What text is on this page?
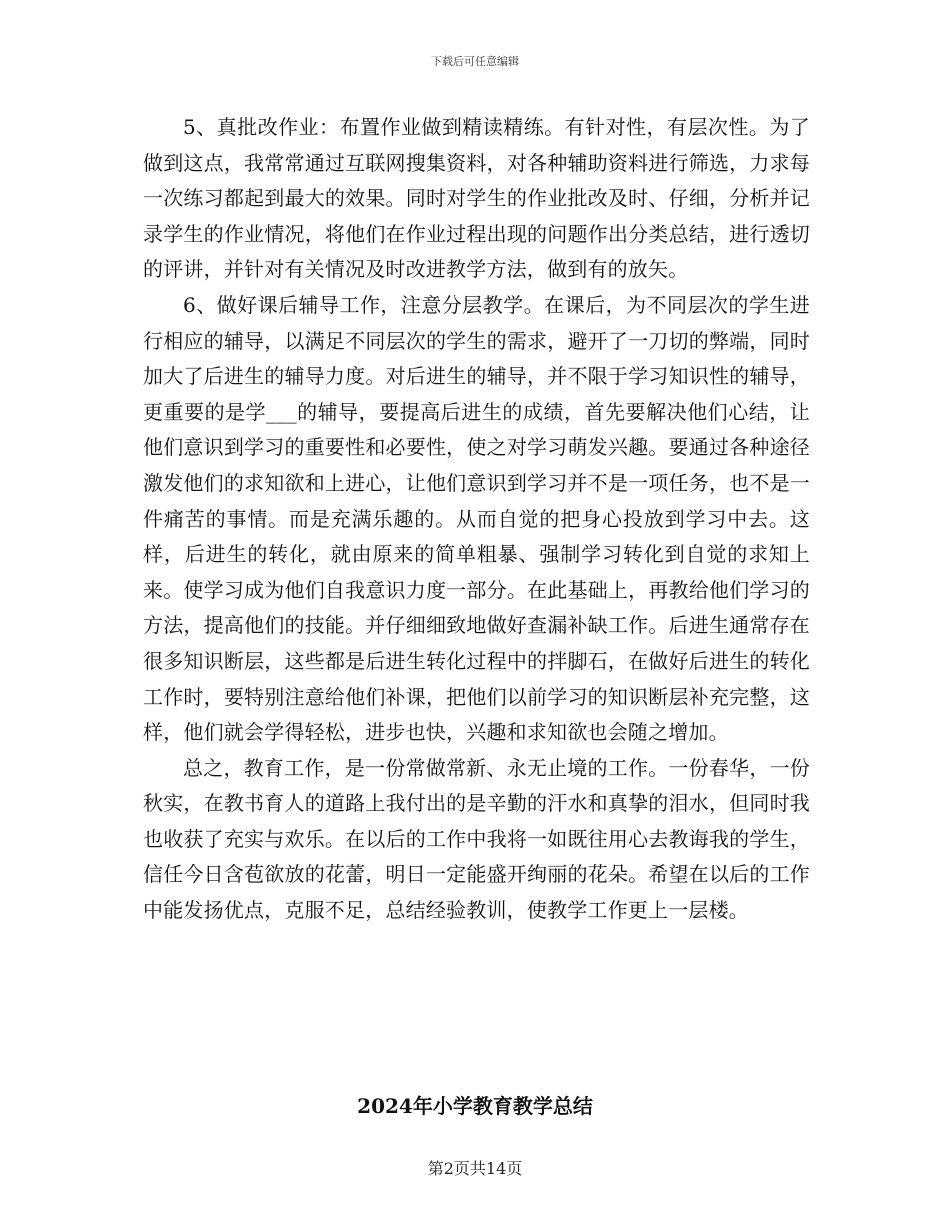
下载后可任意编辑

5、真批改作业：布置作业做到精读精练。有针对性，有层次性。为了做到这点，我常常通过互联网搜集资料，对各种辅助资料进行筛选，力求每一次练习都起到最大的效果。同时对学生的作业批改及时、仔细，分析并记录学生的作业情况，将他们在作业过程出现的问题作出分类总结，进行透切的评讲，并针对有关情况及时改进教学方法，做到有的放矢。

6、做好课后辅导工作，注意分层教学。在课后，为不同层次的学生进行相应的辅导，以满足不同层次的学生的需求，避开了一刀切的弊端，同时加大了后进生的辅导力度。对后进生的辅导，并不限于学习知识性的辅导，更重要的是学___的辅导，要提高后进生的成绩，首先要解决他们心结，让他们意识到学习的重要性和必要性，使之对学习萌发兴趣。要通过各种途径激发他们的求知欲和上进心，让他们意识到学习并不是一项任务，也不是一件痛苦的事情。而是充满乐趣的。从而自觉的把身心投放到学习中去。这样，后进生的转化，就由原来的简单粗暴、强制学习转化到自觉的求知上来。使学习成为他们自我意识力度一部分。在此基础上，再教给他们学习的方法，提高他们的技能。并仔细细致地做好查漏补缺工作。后进生通常存在很多知识断层，这些都是后进生转化过程中的拌脚石，在做好后进生的转化工作时，要特别注意给他们补课，把他们以前学习的知识断层补充完整，这样，他们就会学得轻松，进步也快，兴趣和求知欲也会随之增加。

总之，教育工作，是一份常做常新、永无止境的工作。一份春华，一份秋实，在教书育人的道路上我付出的是辛勤的汗水和真挚的泪水，但同时我也收获了充实与欢乐。在以后的工作中我将一如既往用心去教诲我的学生，信任今日含苞欲放的花蕾，明日一定能盛开绚丽的花朵。希望在以后的工作中能发扬优点，克服不足，总结经验教训，使教学工作更上一层楼。

2024年小学教育教学总结
第2页共14页
